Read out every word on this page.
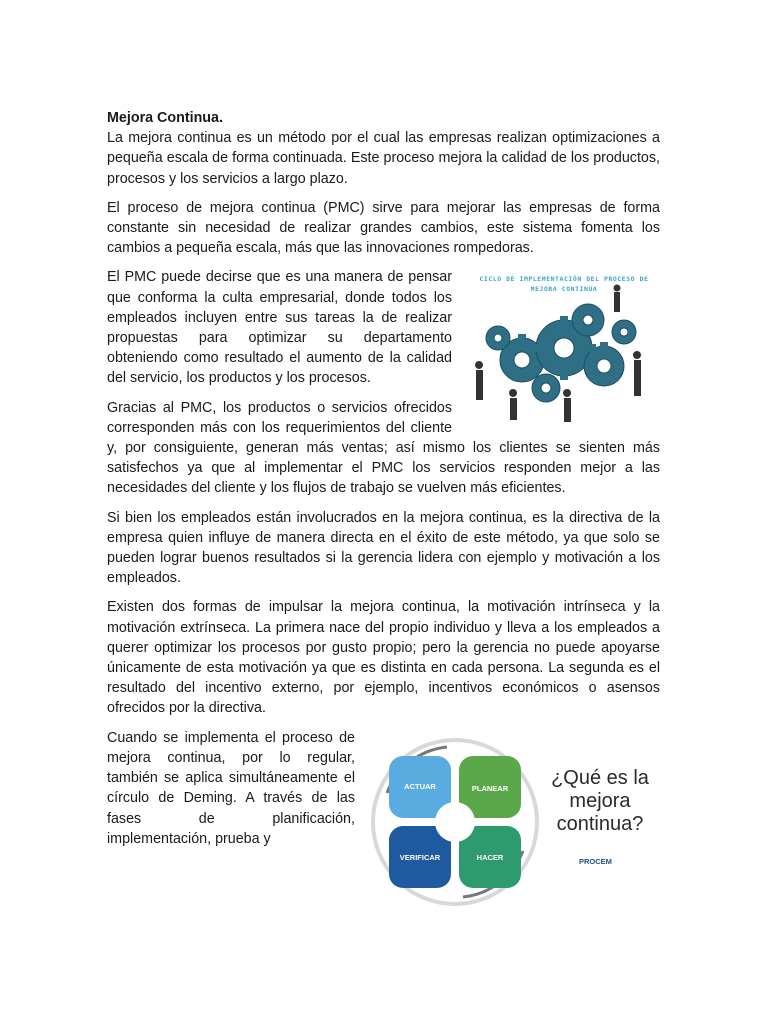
Mejora Continua.

La mejora continua es un método por el cual las empresas realizan optimizaciones a pequeña escala de forma continuada. Este proceso mejora la calidad de los productos, procesos y los servicios a largo plazo.

El proceso de mejora continua (PMC) sirve para mejorar las empresas de forma constante sin necesidad de realizar grandes cambios, este sistema fomenta los cambios a pequeña escala, más que las innovaciones rompedoras.

CICLO DE IMPLEMENTACIÓN DEL PROCESO DE MEJORA CONTINUA

El PMC puede decirse que es una manera de pensar que conforma la culta empresarial, donde todos los empleados incluyen entre sus tareas la de realizar propuestas para optimizar su departamento obteniendo como resultado el aumento de la calidad del servicio, los productos y los procesos.

Gracias al PMC, los productos o servicios ofrecidos corresponden más con los requerimientos del cliente y, por consiguiente, generan más ventas; así mismo los clientes se sienten más satisfechos ya que al implementar el PMC los servicios responden mejor a las necesidades del cliente y los flujos de trabajo se vuelven más eficientes.

Si bien los empleados están involucrados en la mejora continua, es la directiva de la empresa quien influye de manera directa en el éxito de este método, ya que solo se pueden lograr buenos resultados si la gerencia lidera con ejemplo y motivación a los empleados.

Existen dos formas de impulsar la mejora continua, la motivación intrínseca y la motivación extrínseca. La primera nace del propio individuo y lleva a los empleados a querer optimizar los procesos por gusto propio; pero la gerencia no puede apoyarse únicamente de esta motivación ya que es distinta en cada persona. La segunda es el resultado del incentivo externo, por ejemplo, incentivos económicos o asensos ofrecidos por la directiva.

ACTUAR	PLANEAR
VERIFICAR	HACER
¿Qué es la mejora continua?
PROCEM

Cuando se implementa el proceso de mejora continua, por lo regular, también se aplica simultáneamente el círculo de Deming. A través de las fases de planificación, implementación, prueba y
